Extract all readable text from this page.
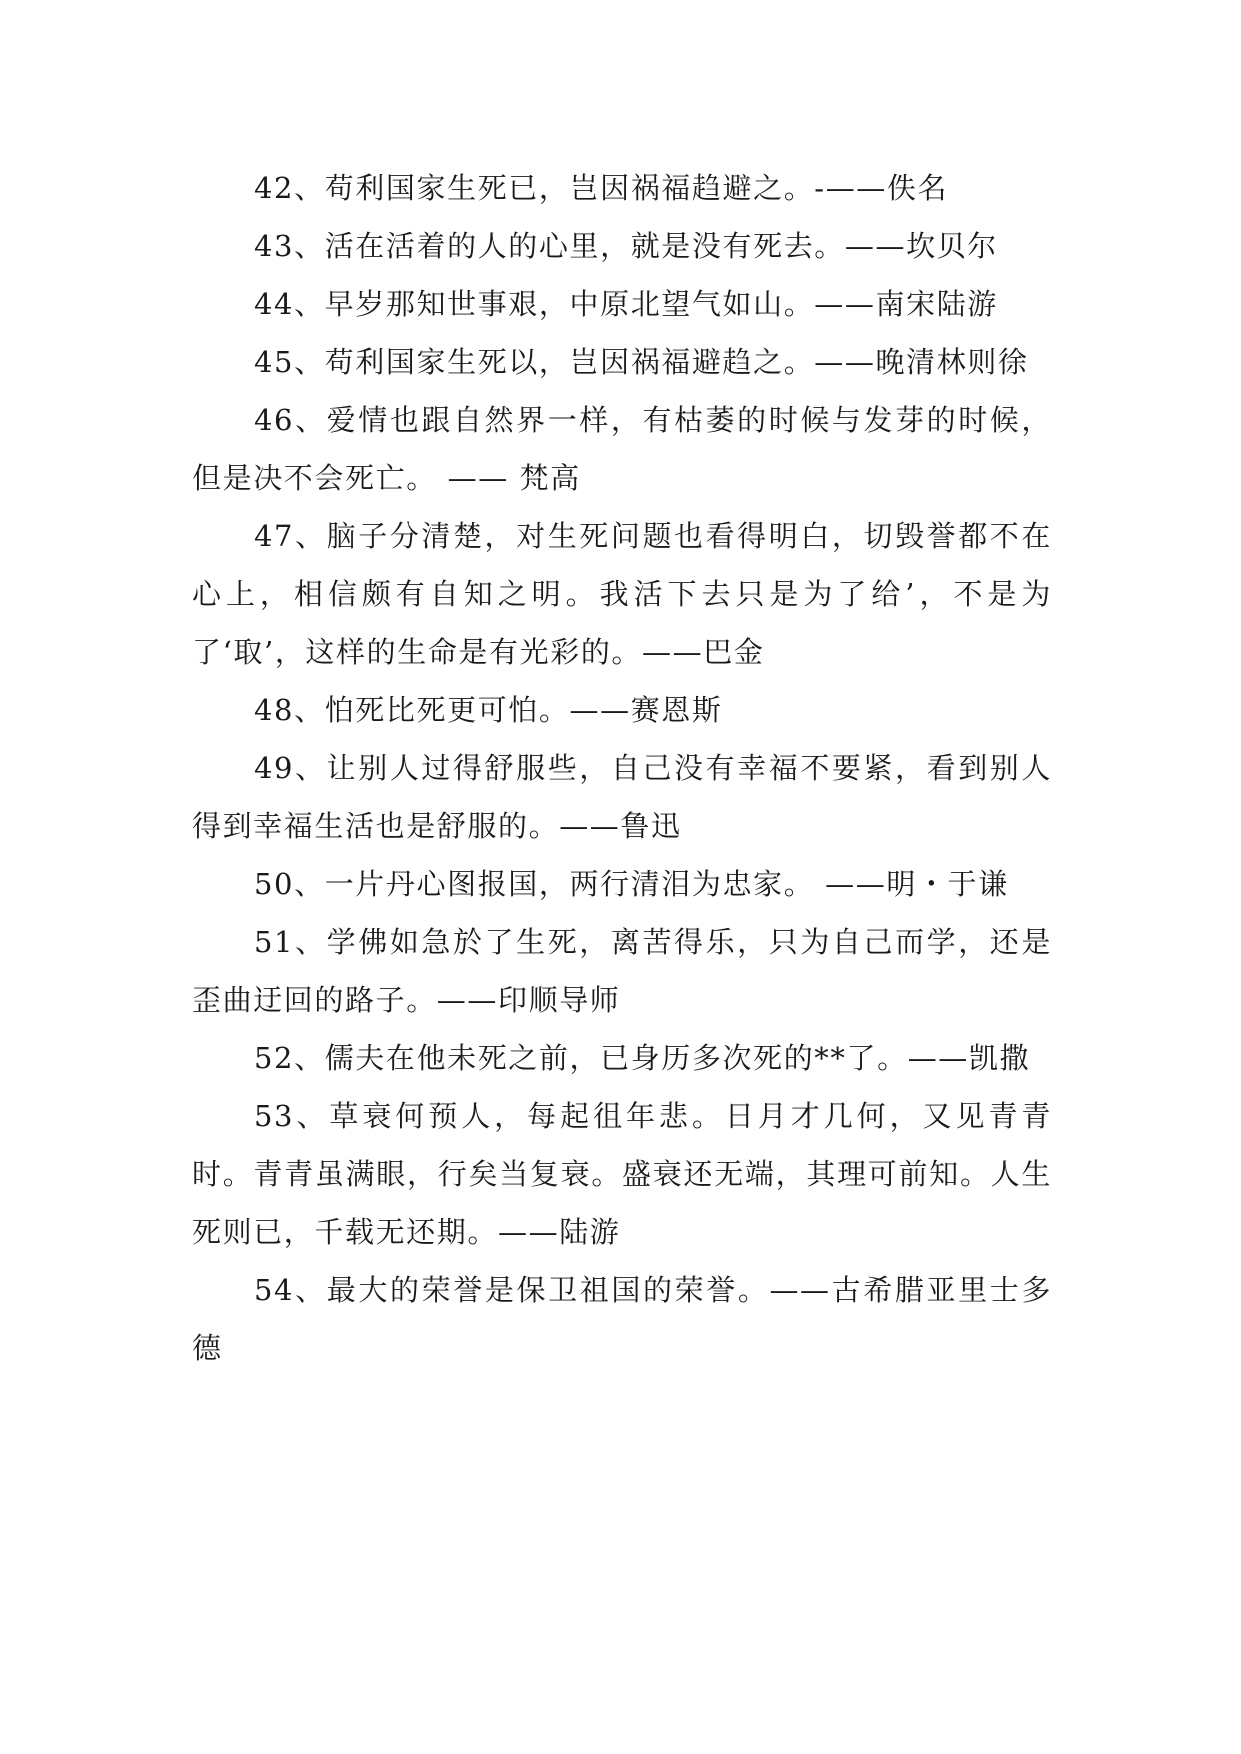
42、苟利国家生死已，岂因祸福趋避之。-——佚名

43、活在活着的人的心里，就是没有死去。——坎贝尔

44、早岁那知世事艰，中原北望气如山。——南宋陆游

45、苟利国家生死以，岂因祸福避趋之。——晚清林则徐

46、爱情也跟自然界一样，有枯萎的时候与发芽的时候，但是决不会死亡。 —— 梵高

47、脑子分清楚，对生死问题也看得明白，切毁誉都不在心上，相信颇有自知之明。我活下去只是为了给’，不是为了‘取’，这样的生命是有光彩的。——巴金

48、怕死比死更可怕。——赛恩斯

49、让别人过得舒服些，自己没有幸福不要紧，看到别人得到幸福生活也是舒服的。——鲁迅

50、一片丹心图报国，两行清泪为忠家。 ——明・于谦

51、学佛如急於了生死，离苦得乐，只为自己而学，还是歪曲迂回的路子。——印顺导师

52、儒夫在他未死之前，已身历多次死的**了。——凯撒

53、草衰何预人，每起徂年悲。日月才几何，又见青青时。青青虽满眼，行矣当复衰。盛衰还无端，其理可前知。人生死则已，千载无还期。——陆游

54、最大的荣誉是保卫祖国的荣誉。——古希腊亚里士多德
